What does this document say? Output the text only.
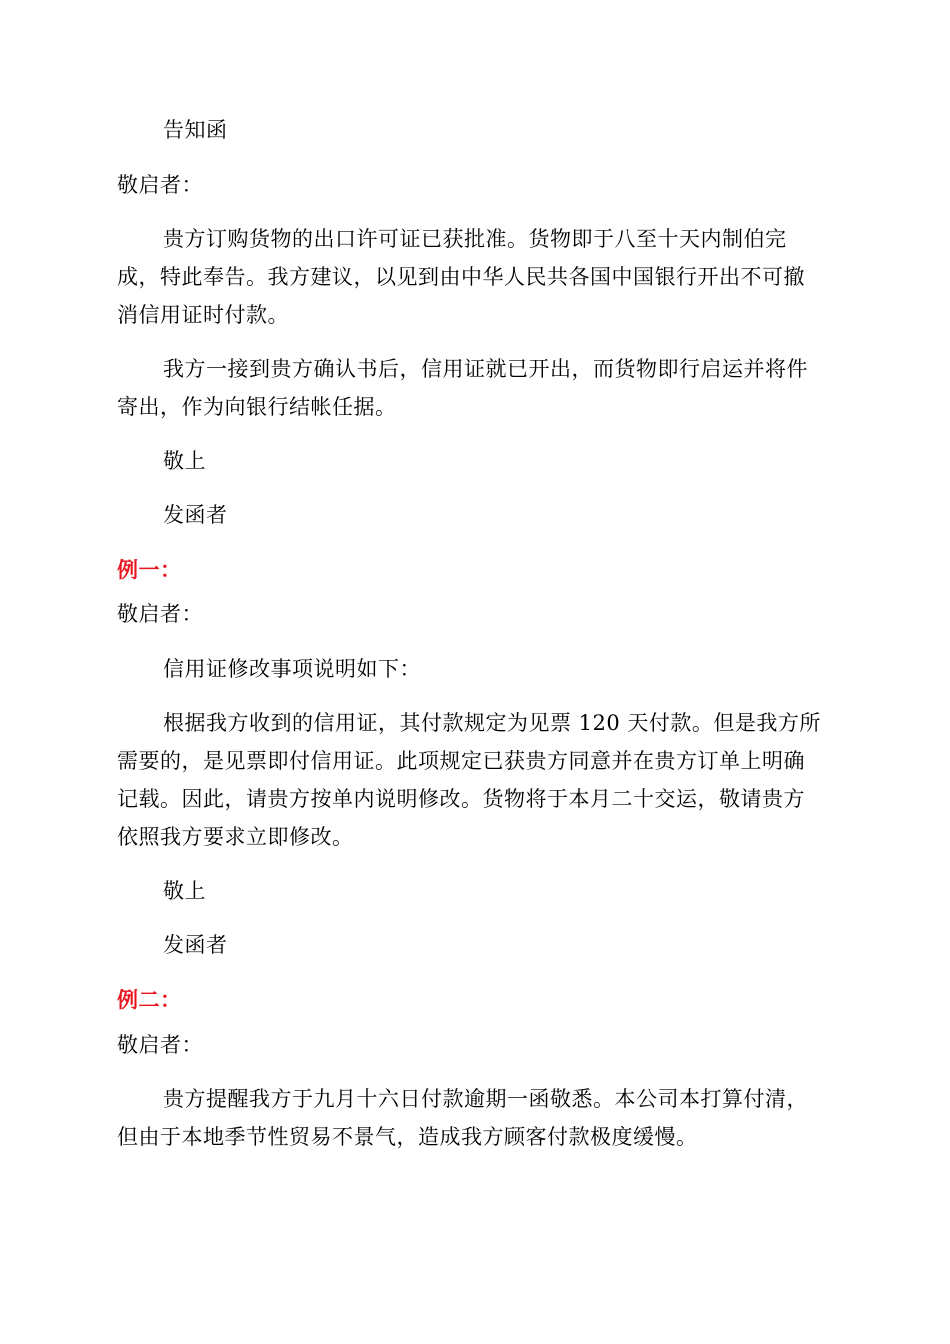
告知函
敬启者：
贵方订购货物的出口许可证已获批准。货物即于八至十天内制伯完
成，特此奉告。我方建议，以见到由中华人民共各国中国银行开出不可撤
消信用证时付款。
我方一接到贵方确认书后，信用证就已开出，而货物即行启运并将件
寄出，作为向银行结帐任据。
敬上
发函者
例一：
敬启者：
信用证修改事项说明如下：
根据我方收到的信用证，其付款规定为见票 120 天付款。但是我方所
需要的，是见票即付信用证。此项规定已获贵方同意并在贵方订单上明确
记载。因此，请贵方按单内说明修改。货物将于本月二十交运，敬请贵方
依照我方要求立即修改。
敬上
发函者
例二：
敬启者：
贵方提醒我方于九月十六日付款逾期一函敬悉。本公司本打算付清，
但由于本地季节性贸易不景气，造成我方顾客付款极度缓慢。
